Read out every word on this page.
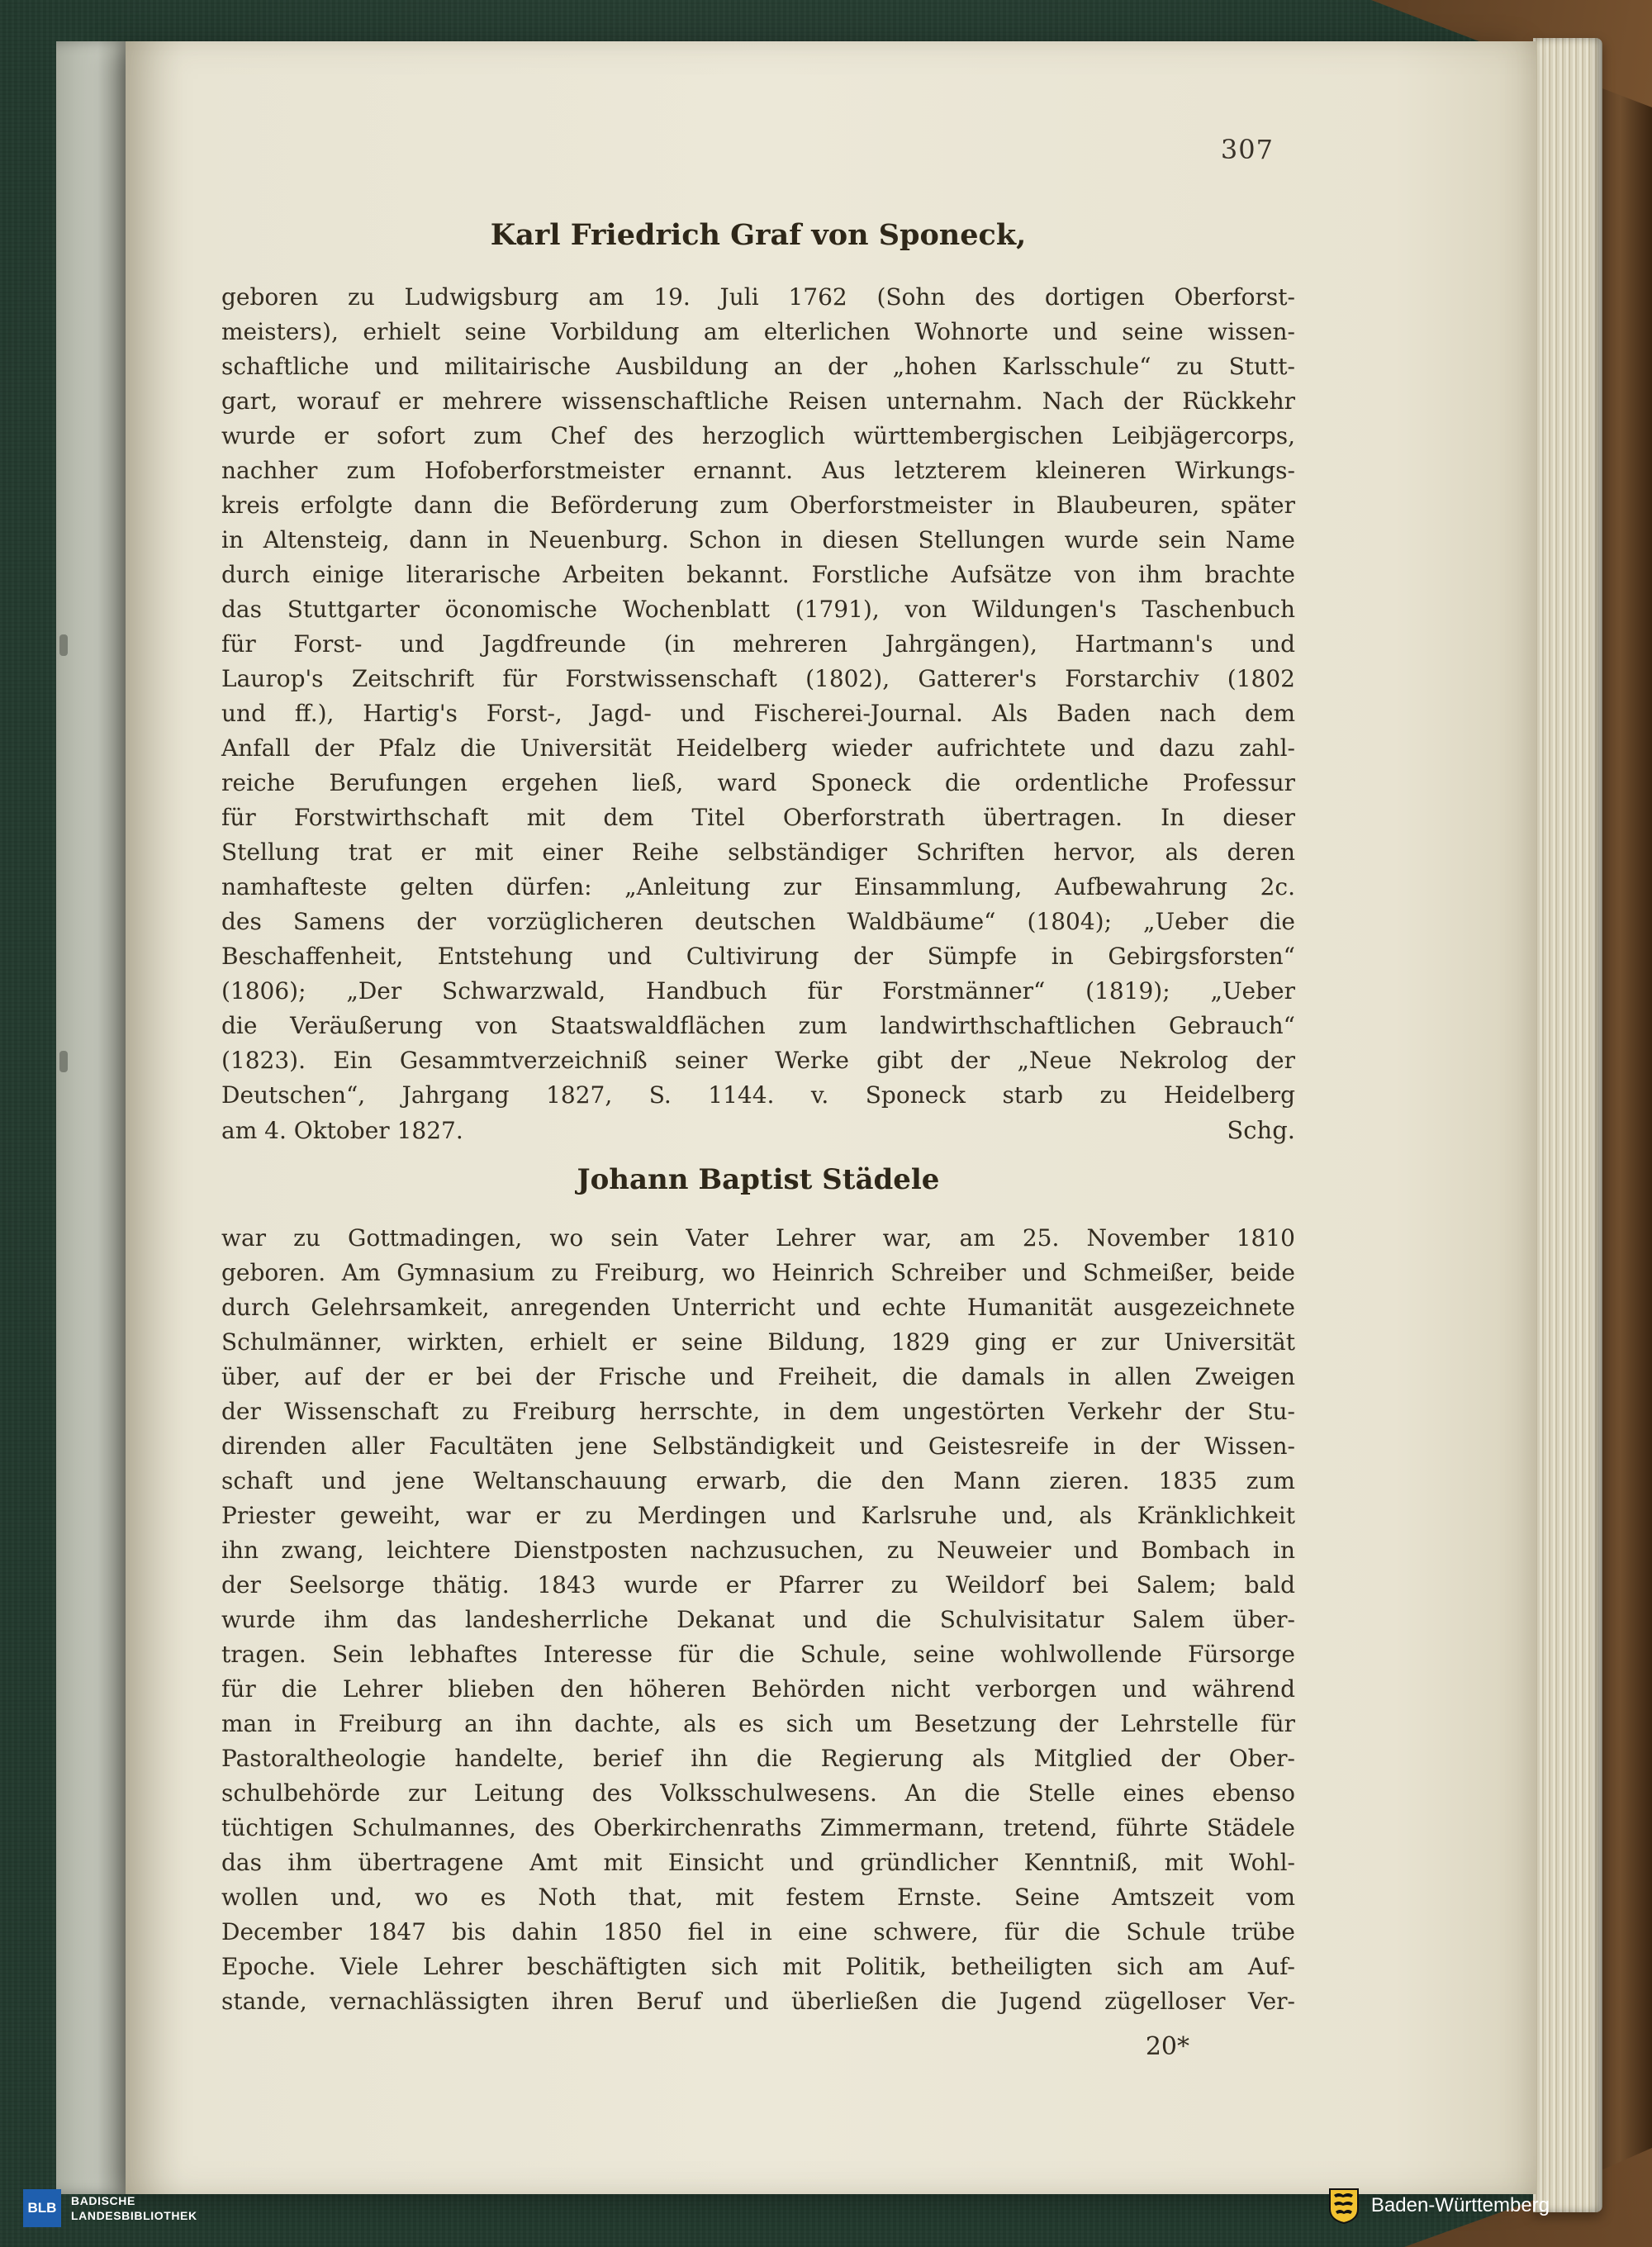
307
Karl Friedrich Graf von Sponeck,
geboren zu Ludwigsburg am 19. Juli 1762 (Sohn des dortigen Oberforst-
meisters), erhielt seine Vorbildung am elterlichen Wohnorte und seine wissen-
schaftliche und militairische Ausbildung an der „hohen Karlsschule“ zu Stutt-
gart, worauf er mehrere wissenschaftliche Reisen unternahm. Nach der Rückkehr
wurde er sofort zum Chef des herzoglich württembergischen Leibjägercorps,
nachher zum Hofoberforstmeister ernannt. Aus letzterem kleineren Wirkungs-
kreis erfolgte dann die Beförderung zum Oberforstmeister in Blaubeuren, später
in Altensteig, dann in Neuenburg. Schon in diesen Stellungen wurde sein Name
durch einige literarische Arbeiten bekannt. Forstliche Aufsätze von ihm brachte
das Stuttgarter öconomische Wochenblatt (1791), von Wildungen's Taschenbuch
für Forst- und Jagdfreunde (in mehreren Jahrgängen), Hartmann's und
Laurop's Zeitschrift für Forstwissenschaft (1802), Gatterer's Forstarchiv (1802
und ff.), Hartig's Forst-, Jagd- und Fischerei-Journal. Als Baden nach dem
Anfall der Pfalz die Universität Heidelberg wieder aufrichtete und dazu zahl-
reiche Berufungen ergehen ließ, ward Sponeck die ordentliche Professur
für Forstwirthschaft mit dem Titel Oberforstrath übertragen. In dieser
Stellung trat er mit einer Reihe selbständiger Schriften hervor, als deren
namhafteste gelten dürfen: „Anleitung zur Einsammlung, Aufbewahrung 2c.
des Samens der vorzüglicheren deutschen Waldbäume“ (1804); „Ueber die
Beschaffenheit, Entstehung und Cultivirung der Sümpfe in Gebirgsforsten“
(1806); „Der Schwarzwald, Handbuch für Forstmänner“ (1819); „Ueber
die Veräußerung von Staatswaldflächen zum landwirthschaftlichen Gebrauch“
(1823). Ein Gesammtverzeichniß seiner Werke gibt der „Neue Nekrolog der
Deutschen“, Jahrgang 1827, S. 1144. v. Sponeck starb zu Heidelberg
am 4. Oktober 1827.	Schg.
Johann Baptist Städele
war zu Gottmadingen, wo sein Vater Lehrer war, am 25. November 1810
geboren. Am Gymnasium zu Freiburg, wo Heinrich Schreiber und Schmeißer, beide
durch Gelehrsamkeit, anregenden Unterricht und echte Humanität ausgezeichnete
Schulmänner, wirkten, erhielt er seine Bildung, 1829 ging er zur Universität
über, auf der er bei der Frische und Freiheit, die damals in allen Zweigen
der Wissenschaft zu Freiburg herrschte, in dem ungestörten Verkehr der Stu-
direnden aller Facultäten jene Selbständigkeit und Geistesreife in der Wissen-
schaft und jene Weltanschauung erwarb, die den Mann zieren. 1835 zum
Priester geweiht, war er zu Merdingen und Karlsruhe und, als Kränklichkeit
ihn zwang, leichtere Dienstposten nachzusuchen, zu Neuweier und Bombach in
der Seelsorge thätig. 1843 wurde er Pfarrer zu Weildorf bei Salem; bald
wurde ihm das landesherrliche Dekanat und die Schulvisitatur Salem über-
tragen. Sein lebhaftes Interesse für die Schule, seine wohlwollende Fürsorge
für die Lehrer blieben den höheren Behörden nicht verborgen und während
man in Freiburg an ihn dachte, als es sich um Besetzung der Lehrstelle für
Pastoraltheologie handelte, berief ihn die Regierung als Mitglied der Ober-
schulbehörde zur Leitung des Volksschulwesens. An die Stelle eines ebenso
tüchtigen Schulmannes, des Oberkirchenraths Zimmermann, tretend, führte Städele
das ihm übertragene Amt mit Einsicht und gründlicher Kenntniß, mit Wohl-
wollen und, wo es Noth that, mit festem Ernste. Seine Amtszeit vom
December 1847 bis dahin 1850 fiel in eine schwere, für die Schule trübe
Epoche. Viele Lehrer beschäftigten sich mit Politik, betheiligten sich am Auf-
stande, vernachlässigten ihren Beruf und überließen die Jugend zügelloser Ver-
20*
BLB	BADISCHE
LANDESBIBLIOTHEK	Baden-Württemberg
